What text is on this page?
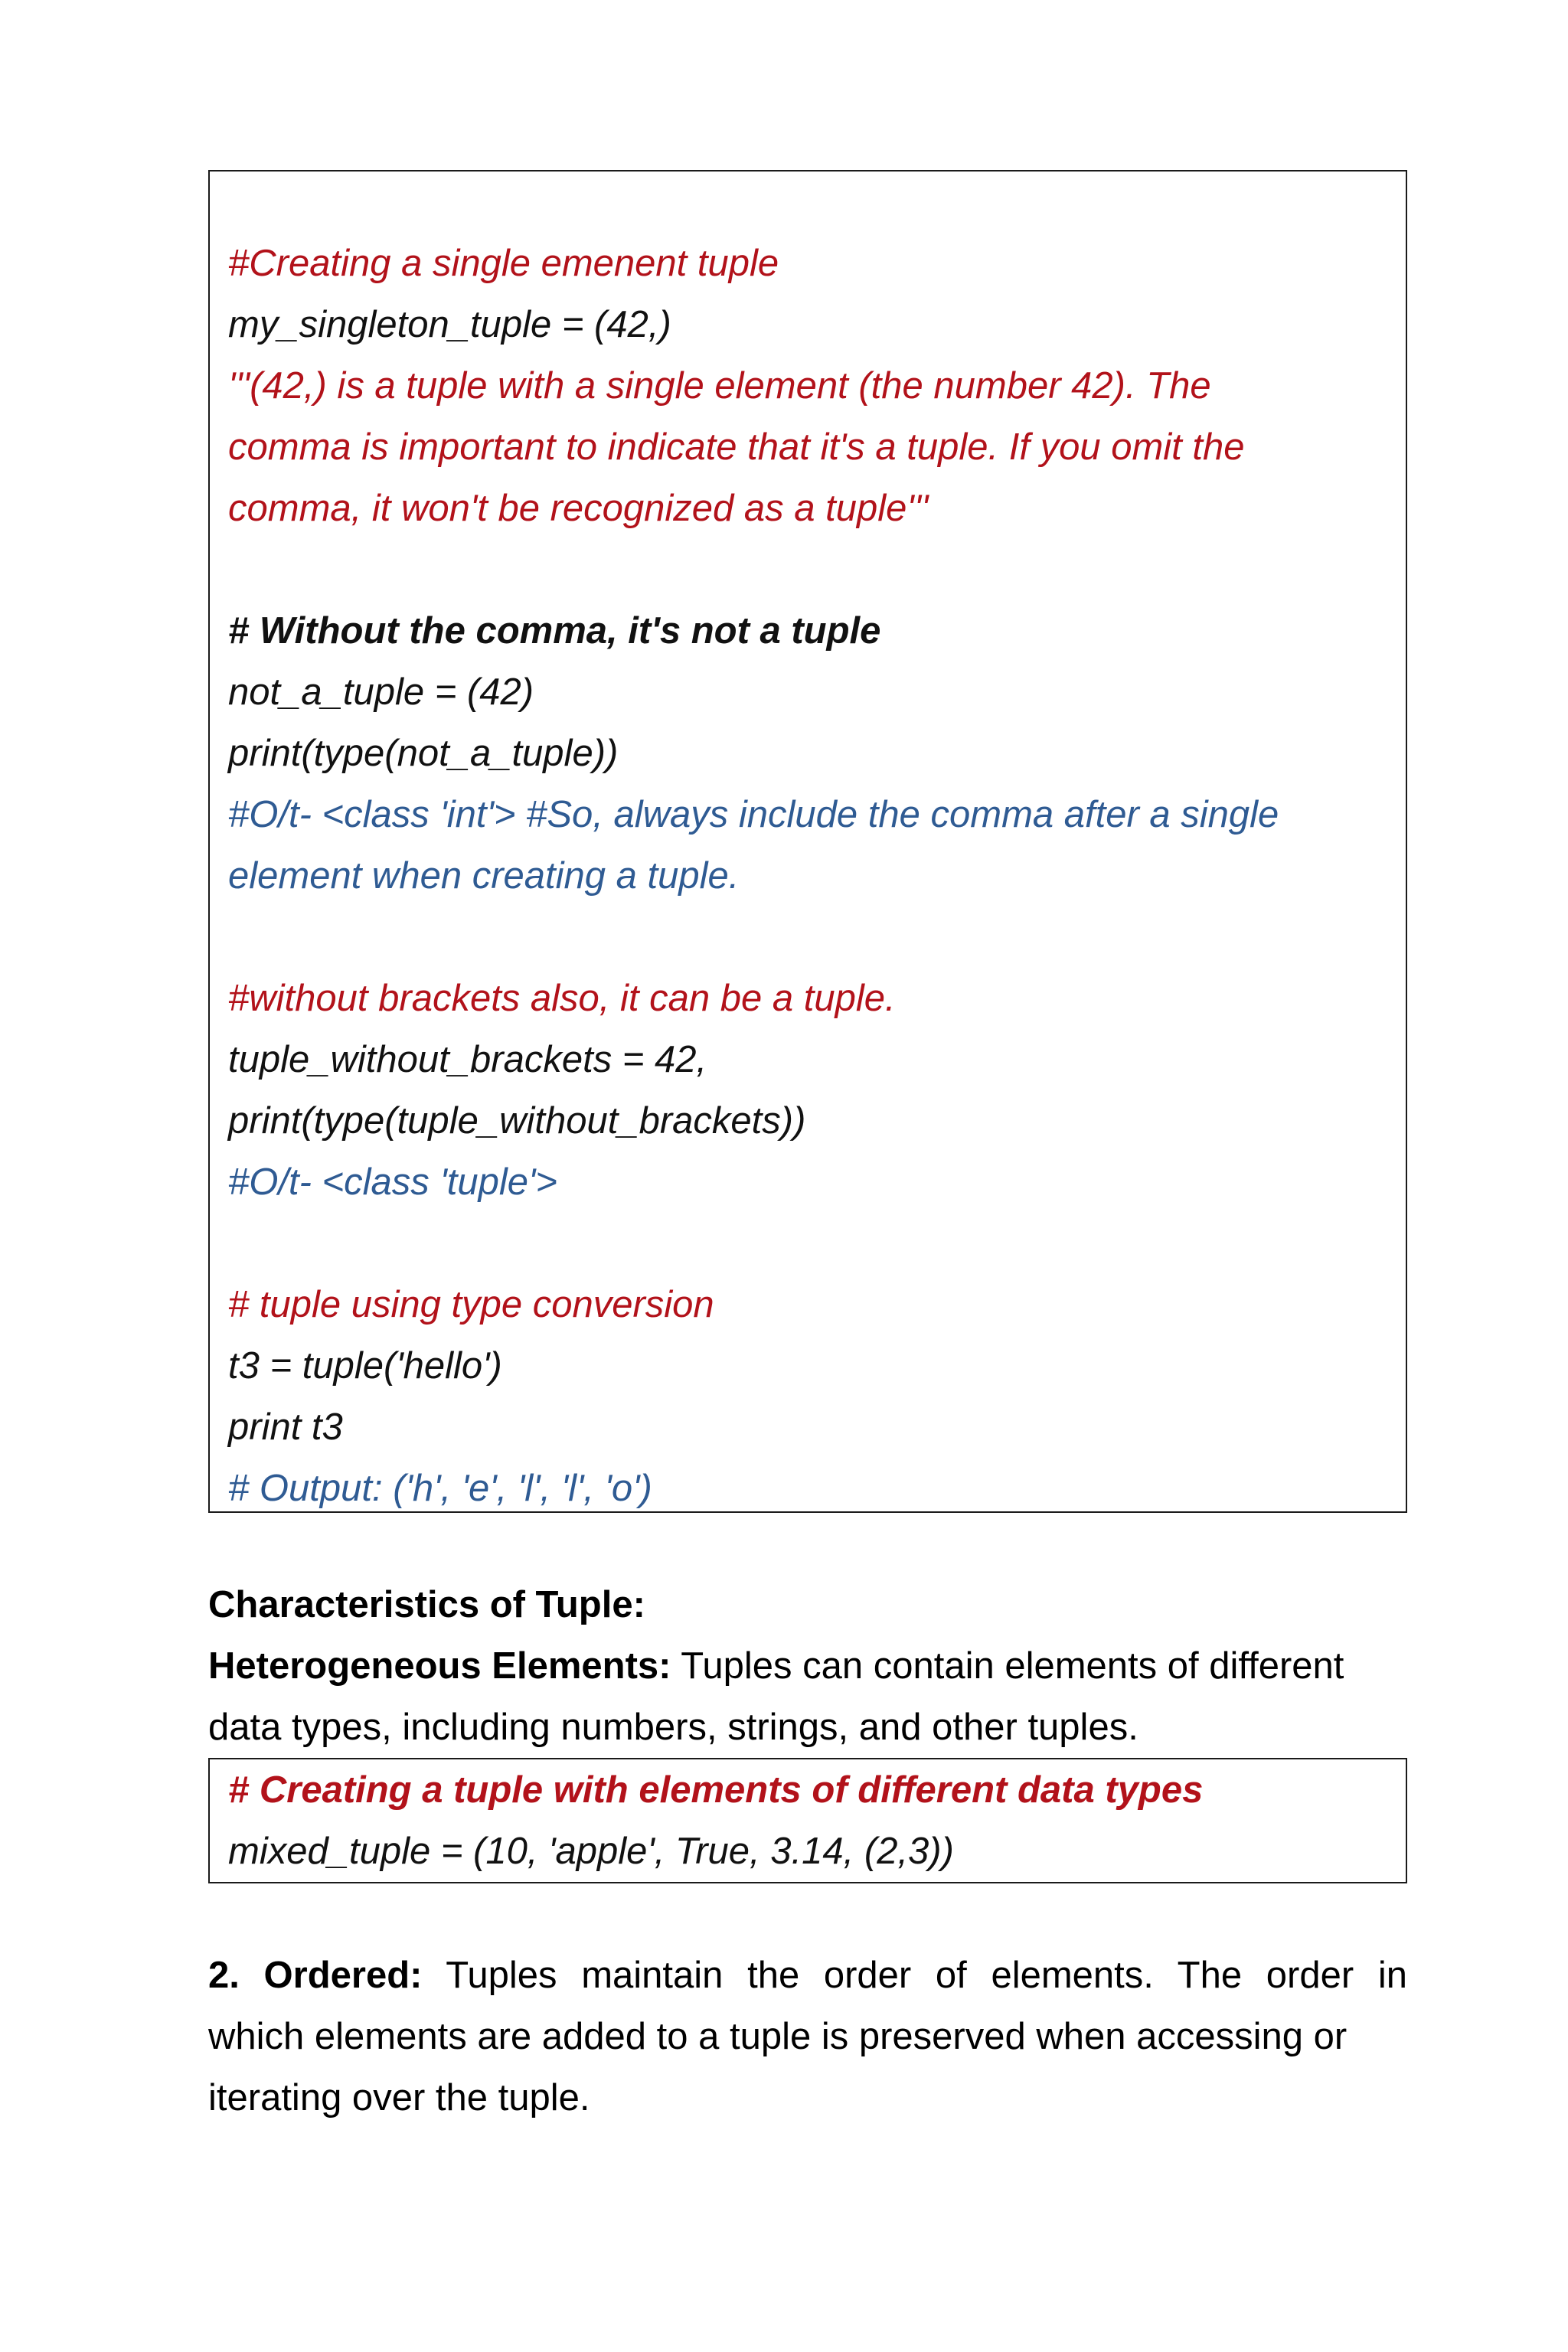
#Creating a single emenent tuple
my_singleton_tuple = (42,)
'''(42,) is a tuple with a single element (the number 42). The
comma is important to indicate that it's a tuple. If you omit the
comma, it won't be recognized as a tuple'''
# Without the comma, it's not a tuple
not_a_tuple = (42)
print(type(not_a_tuple))
#O/t- <class 'int'> #So, always include the comma after a single
element when creating a tuple.
#without brackets also, it can be a tuple.
tuple_without_brackets = 42,
print(type(tuple_without_brackets))
#O/t- <class 'tuple'>
# tuple using type conversion
t3 = tuple('hello')
print t3
# Output: ('h', 'e', 'l', 'l', 'o')

Characteristics of Tuple:

Heterogeneous Elements: Tuples can contain elements of different

data types, including numbers, strings, and other tuples.

# Creating a tuple with elements of different data types
mixed_tuple = (10, 'apple', True, 3.14, (2,3))

2. Ordered: Tuples maintain the order of elements. The order in

which elements are added to a tuple is preserved when accessing or

iterating over the tuple.
